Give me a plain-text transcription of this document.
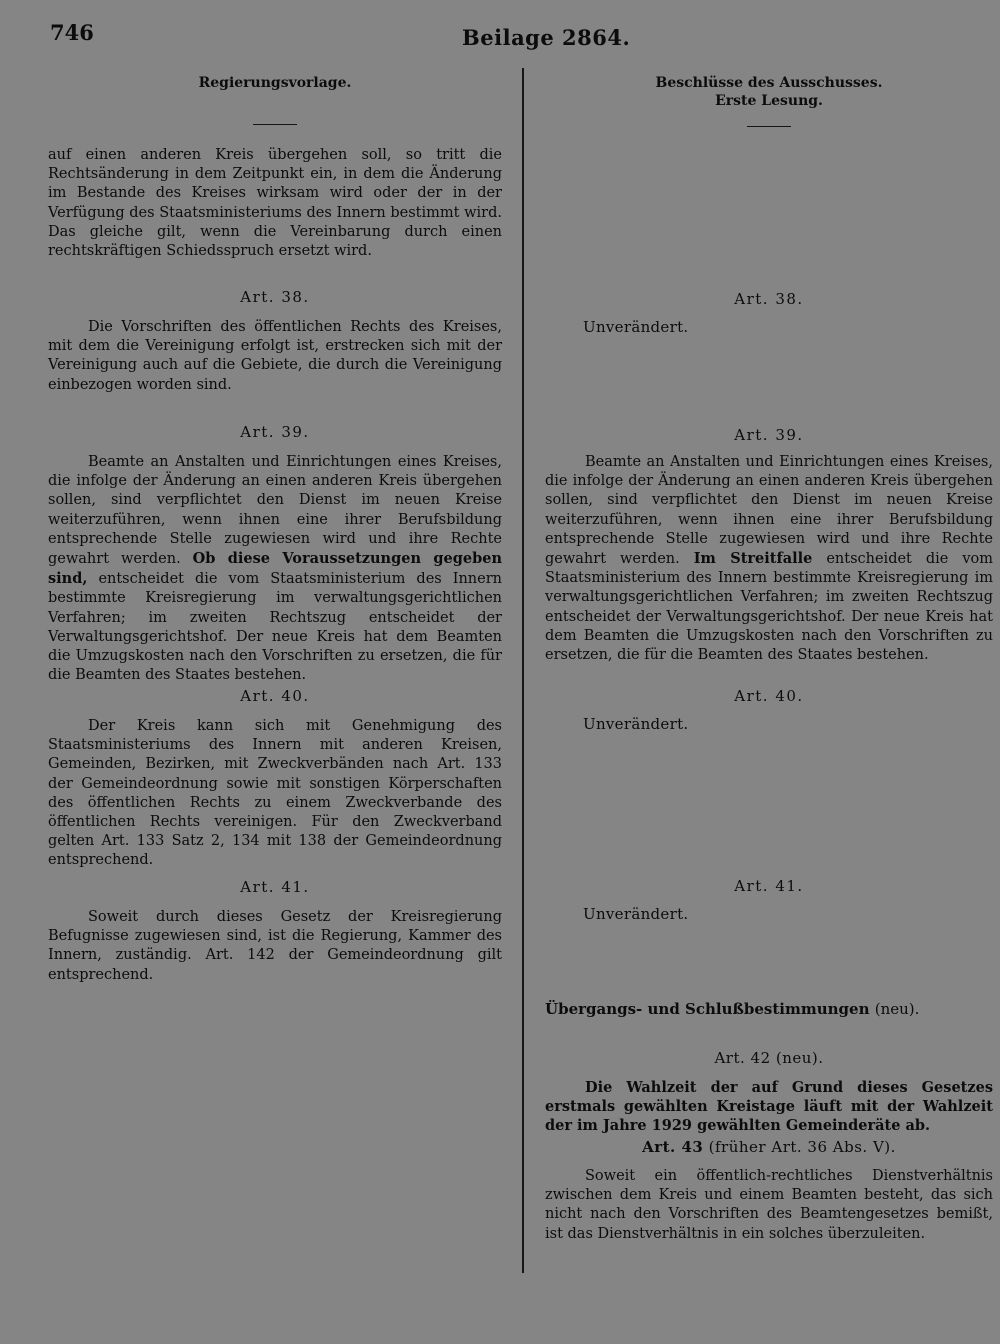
746	Beilage 2864.
Regierungsvorlage.
auf einen anderen Kreis übergehen soll, so tritt die Rechtsänderung in dem Zeitpunkt ein, in dem die Änderung im Bestande des Kreises wirksam wird oder der in der Verfügung des Staatsministeriums des Innern bestimmt wird. Das gleiche gilt, wenn die Vereinbarung durch einen rechtskräftigen Schiedsspruch ersetzt wird.
Art. 38.
Die Vorschriften des öffentlichen Rechts des Kreises, mit dem die Vereinigung erfolgt ist, erstrecken sich mit der Vereinigung auch auf die Gebiete, die durch die Vereinigung einbezogen worden sind.
Art. 39.
Beamte an Anstalten und Einrichtungen eines Kreises, die infolge der Änderung an einen anderen Kreis übergehen sollen, sind verpflichtet den Dienst im neuen Kreise weiterzuführen, wenn ihnen eine ihrer Berufsbildung entsprechende Stelle zugewiesen wird und ihre Rechte gewahrt werden. Ob diese Voraussetzungen gegeben sind, entscheidet die vom Staatsministerium des Innern bestimmte Kreisregierung im verwaltungsgerichtlichen Verfahren; im zweiten Rechtszug entscheidet der Verwaltungsgerichtshof. Der neue Kreis hat dem Beamten die Umzugskosten nach den Vorschriften zu ersetzen, die für die Beamten des Staates bestehen.
Art. 40.
Der Kreis kann sich mit Genehmigung des Staatsministeriums des Innern mit anderen Kreisen, Gemeinden, Bezirken, mit Zweckverbänden nach Art. 133 der Gemeindeordnung sowie mit sonstigen Körperschaften des öffentlichen Rechts zu einem Zweckverbande des öffentlichen Rechts vereinigen. Für den Zweckverband gelten Art. 133 Satz 2, 134 mit 138 der Gemeindeordnung entsprechend.
Art. 41.
Soweit durch dieses Gesetz der Kreisregierung Befugnisse zugewiesen sind, ist die Regierung, Kammer des Innern, zuständig. Art. 142 der Gemeindeordnung gilt entsprechend.
Beschlüsse des Ausschusses.
Erste Lesung.
Art. 38.
Unverändert.
Art. 39.
Beamte an Anstalten und Einrichtungen eines Kreises, die infolge der Änderung an einen anderen Kreis übergehen sollen, sind verpflichtet den Dienst im neuen Kreise weiterzuführen, wenn ihnen eine ihrer Berufsbildung entsprechende Stelle zugewiesen wird und ihre Rechte gewahrt werden. Im Streitfalle entscheidet die vom Staatsministerium des Innern bestimmte Kreisregierung im verwaltungsgerichtlichen Verfahren; im zweiten Rechtszug entscheidet der Verwaltungsgerichtshof. Der neue Kreis hat dem Beamten die Umzugskosten nach den Vorschriften zu ersetzen, die für die Beamten des Staates bestehen.
Art. 40.
Unverändert.
Art. 41.
Unverändert.
Übergangs- und Schlußbestimmungen (neu).
Art. 42 (neu).
Die Wahlzeit der auf Grund dieses Gesetzes erstmals gewählten Kreistage läuft mit der Wahlzeit der im Jahre 1929 gewählten Gemeinderäte ab.
Art. 43 (früher Art. 36 Abs. V).
Soweit ein öffentlich-rechtliches Dienstverhältnis zwischen dem Kreis und einem Beamten besteht, das sich nicht nach den Vorschriften des Beamtengesetzes bemißt, ist das Dienstverhältnis in ein solches überzuleiten.
